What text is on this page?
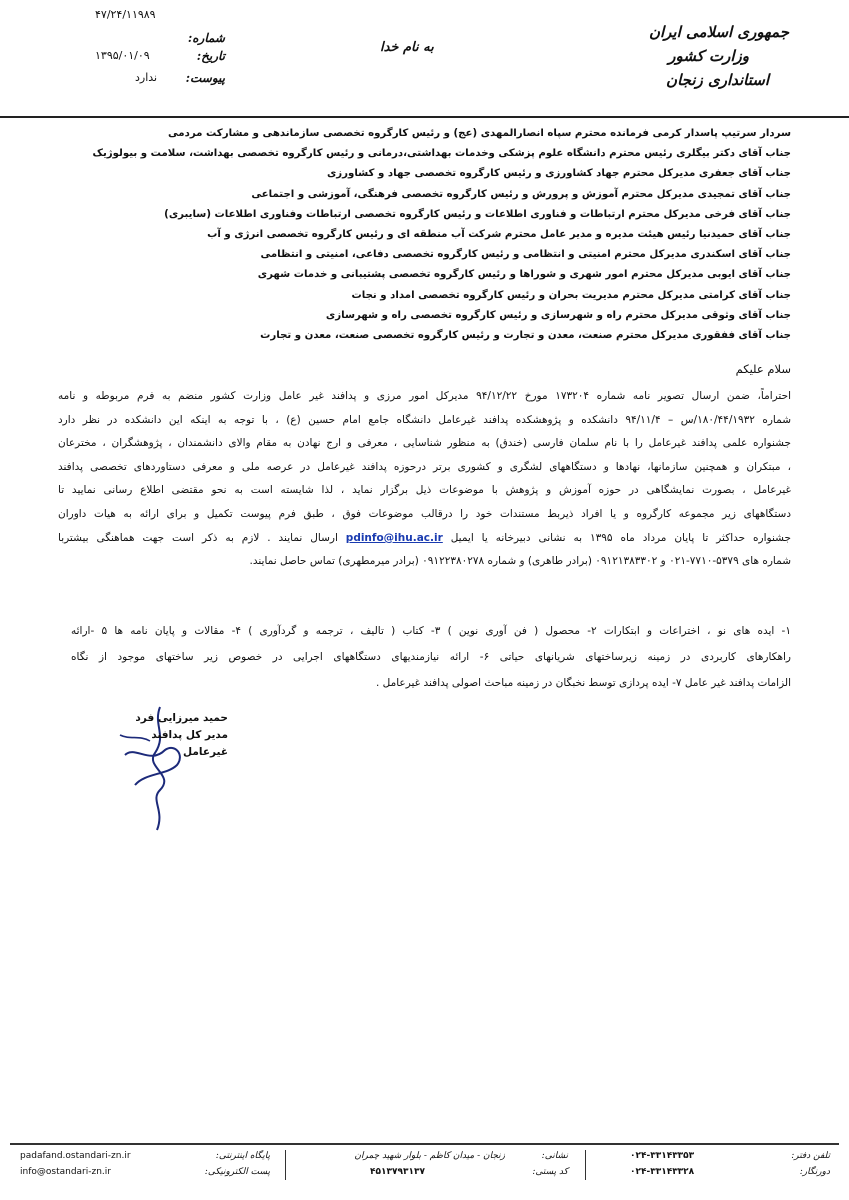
جمهوری اسلامی ایران
وزارت کشور
استانداری زنجان
به نام خدا
۴۷/۲۴/۱۱۹۸۹
شماره:
تاریخ:
۱۳۹۵/۰۱/۰۹
پیوست:
ندارد
سردار سرتیپ پاسدار کرمی فرمانده محترم سپاه انصارالمهدی (عج) و رئیس کارگروه تخصصی سازماندهی و مشارکت مردمی
جناب آقای دکتر بیگلری رئیس محترم دانشگاه علوم پزشکی وخدمات بهداشتی،درمانی و رئیس کارگروه تخصصی بهداشت، سلامت و بیولوژیک
جناب آقای جعفری مدیرکل محترم جهاد کشاورزی و رئیس کارگروه تخصصی جهاد و کشاورزی
جناب آقای تمجیدی مدیرکل محترم آموزش و پرورش و رئیس کارگروه تخصصی فرهنگی، آموزشی و اجتماعی
جناب آقای فرخی مدیرکل محترم ارتباطات و فناوری اطلاعات و رئیس کارگروه تخصصی ارتباطات وفناوری اطلاعات (سایبری)
جناب آقای حمیدنیا رئیس هیئت مدیره و مدیر عامل محترم شرکت آب منطقه ای و رئیس کارگروه تخصصی انرژی و آب
جناب آقای اسکندری مدیرکل محترم امنیتی و انتظامی و رئیس کارگروه تخصصی دفاعی، امنیتی و انتظامی
جناب آقای ایوبی مدیرکل محترم امور شهری و شوراها و رئیس کارگروه تخصصی پشتیبانی و خدمات شهری
جناب آقای کرامتی مدیرکل محترم مدیریت بحران و رئیس کارگروه تخصصی امداد و نجات
جناب آقای وثوقی مدیرکل محترم راه و شهرسازی و رئیس کارگروه تخصصی راه و شهرسازی
جناب آقای ففقوری مدیرکل محترم صنعت، معدن و تجارت و رئیس کارگروه تخصصی صنعت، معدن و تجارت
سلام علیکم
احتراماً، ضمن ارسال تصویر نامه شماره ۱۷۳۲۰۴ مورخ ۹۴/۱۲/۲۲ مدیرکل امور مرزی و پدافند غیر عامل وزارت کشور منضم به فرم مربوطه و نامه
شماره ۱۸۰/۴۴/۱۹۳۲/س – ۹۴/۱۱/۴ دانشکده و پژوهشکده پدافند غیرعامل دانشگاه جامع امام حسین (ع) ، با توجه به اینکه این دانشکده در نظر دارد
جشنواره علمی پدافند غیرعامل را با نام سلمان فارسی (خندق) به منظور شناسایی ، معرفی و ارج نهادن به مقام والای دانشمندان ، پژوهشگران ، مخترعان
، مبتکران و همچنین سازمانها، نهادها و دستگاههای لشگری و کشوری برتر درحوزه پدافند غیرعامل در عرصه ملی و معرفی دستاوردهای تخصصی پدافند
غیرعامل ، بصورت نمایشگاهی در حوزه آموزش و پژوهش با موضوعات ذیل برگزار نماید ، لذا شایسته است به نحو مقتضی اطلاع رسانی نمایید تا
دستگاههای زیر مجموعه کارگروه و یا افراد ذیربط مستندات خود را درقالب موضوعات فوق ، طبق فرم پیوست تکمیل و برای ارائه به هیات داوران
جشنواره حداکثر تا پایان مرداد ماه ۱۳۹۵ به نشانی دبیرخانه یا ایمیل pdinfo@ihu.ac.ir ارسال نمایند . لازم به ذکر است جهت هماهنگی بیشتربا
شماره های ۵۳۷۹-۷۷۱۰-۰۲۱ و ۰۹۱۲۱۳۸۳۳۰۲ (برادر طاهری) و شماره ۰۹۱۲۲۳۸۰۲۷۸ (برادر میرمطهری) تماس حاصل نمایند.
۱- ایده های نو ، اختراعات و ابتکارات ۲- محصول ( فن آوری نوین ) ۳- کتاب ( تالیف ، ترجمه و گردآوری ) ۴- مقالات و پایان نامه ها ۵ -ارائه
راهکارهای کاربردی در زمینه زیرساختهای شریانهای حیاتی ۶- ارائه نیازمندیهای دستگاههای اجرایی در خصوص زیر ساختهای موجود از نگاه
الزامات پدافند غیر عامل ۷- ایده پردازی توسط نخبگان در زمینه مباحث اصولی پدافند غیرعامل .
حمید میرزایی فرد
مدیر کل پدافند غیرعامل
padafand.ostandari-zn.ir
info@ostandari-zn.ir
پایگاه اینترنتی:
پست الکترونیکی:
زنجان - میدان کاظم - بلوار شهید چمران
۴۵۱۳۷۹۳۱۳۷
نشانی:
کد پستی:
۰۲۴-۳۳۱۴۳۳۵۳
۰۲۴-۳۳۱۴۳۳۲۸
تلفن دفتر:
دورنگار:
